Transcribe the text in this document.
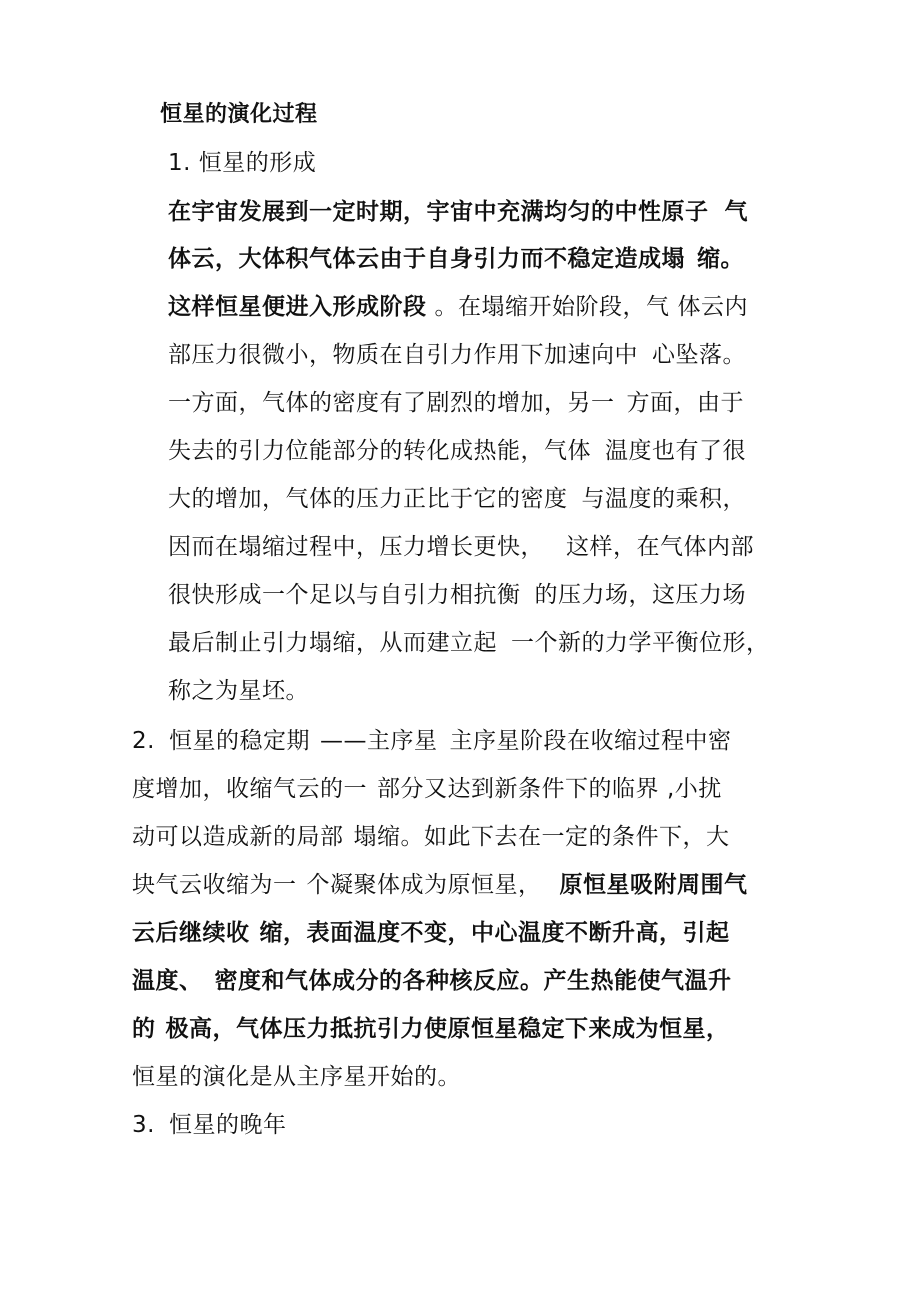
恒星的演化过程
1. 恒星的形成
在宇宙发展到一定时期，宇宙中充满均匀的中性原子 气
体云，大体积气体云由于自身引力而不稳定造成塌 缩。
这样恒星便进入形成阶段 。在塌缩开始阶段，气 体云内
部压力很微小，物质在自引力作用下加速向中 心坠落。
一方面，气体的密度有了剧烈的增加，另一 方面，由于
失去的引力位能部分的转化成热能，气体 温度也有了很
大的增加，气体的压力正比于它的密度 与温度的乘积，
因而在塌缩过程中，压力增长更快， 这样，在气体内部
很快形成一个足以与自引力相抗衡 的压力场，这压力场
最后制止引力塌缩，从而建立起 一个新的力学平衡位形，
称之为星坯。
2. 恒星的稳定期 ——主序星 主序星阶段在收缩过程中密
度增加，收缩气云的一 部分又达到新条件下的临界 ,小扰
动可以造成新的局部 塌缩。如此下去在一定的条件下，大
块气云收缩为一 个凝聚体成为原恒星， 原恒星吸附周围气
云后继续收 缩，表面温度不变，中心温度不断升高，引起
温度、 密度和气体成分的各种核反应。产生热能使气温升
的 极高，气体压力抵抗引力使原恒星稳定下来成为恒星，
恒星的演化是从主序星开始的。
3. 恒星的晚年
